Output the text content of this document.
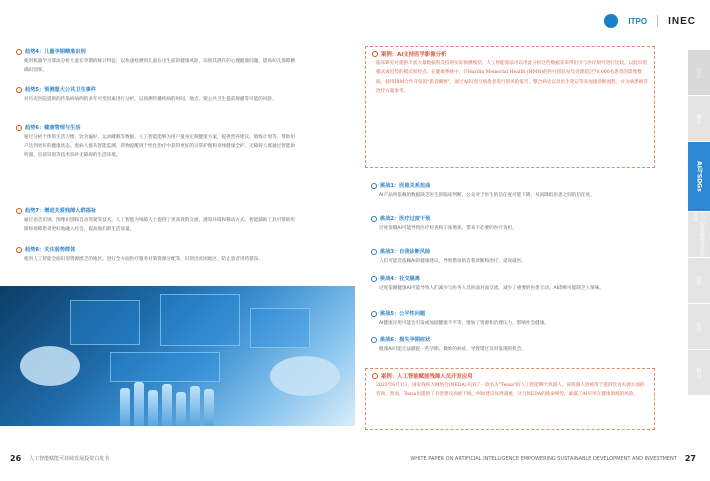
趋势4：儿童孕期精准识别
使用机器学习算法分析儿童在孕期的统计特征，以快速检测到儿童在出生前的健康风险，识别其潜在的心理健康问题，提高幼儿保障精确识别率。
趋势5：预测重大公共卫生事件
对历史医院提供的传染病病例的多年可变因素进行分析，以预测传播疾病的时间、地点，使公共卫生提前规避等可能的风险。
趋势6：健康管理与生活
通过分析个体的生活习惯、饮食偏好、运动睡眠等数据，人工智能能够为用户量身定制健康方案，提供营养建议、锻炼计划等，帮助用户达到更好的健康状态。患病人群从智能监测、药物提醒到个性化治疗中获得更好的日常护理和身体健康全护，无障碍人群通过智能助听器、盲读识别等技术弥补无障碍的生活环境。
趋势7：增进关爱残障人群福祉
通过语音识别、图像识别和自动驾驶等技术，人工智能为残障人士提供了更高效的交流、感知环境和移动方式。智能辅助工具可帮助听障和视障患者更好地融入社会，提高他们的生活质量。
趋势8：关注弱势群体
使用人工智能全面识别资源匮乏的地区，进行全方面医疗服务对策资源分配等，识别出贫困地区、防止患者用药错误。
26 人工智能赋能可持续发展投资白皮书
ITPO INEC
案例：AI支持医学影像分析
临床研究可提供丰富大量数据所支持的实际预测模型。人工智能算法可以用此分析这些数据来来得出引与医疗研究进行比较，以此识别模式或趋势的模式和特点。在健康系统中，计Hardin Memorial Health (HMH)的医疗团队每年处理超过70,000名患者的影像数据。使用IBM合作开发的"患者概要"，通过AI识别与病患者进行的风险报告，整合病史以及医生笔记等来加速诊断流程，并为病患推荐治疗方案参考。
挑战1：医患关系扭曲
AI产品所依赖的数据缺乏医生的临床判断，公众对于医生的信任度可能下降，从而降低医患之间的信任度。
挑战2：医疗过度干预
过度依赖AI可能导致医疗检查和干预增加，带来不必要的医疗负担。
挑战3：自我诊断风险
人们可能会依赖AI的健康建议，导致错误的自我诊断和治疗，延误就医。
挑战4：社交隔离
过度依赖健康AI可能导致人们减少与医务人员的面对面交流，减少了重要的医患互动。AI诊断可能缺乏人情味。
挑战5：公平性问题
AI健康应用可能会引发或加剧健康不平等，增加了资源和治理压力，影响社会健康。
挑战6：损失孕期症状
健康AI可能无法捕捉一些孕期、微妙的病症，导致错过及时发现的机会。
案例：人工智能赋能残障人员开发应用
2023年6月1日，国家残疾人网络会(NEDA)关闭了一款名为"Tessa"的人工智能聊天机器人，该机器人曾被用于提供饮食失调方面的咨询。然而，Tessa因提供了有害建议而被下线，例如建议每周减重，这与NEDA的使命相悖，暴露了AI应用在健康领域的风险。
序言
概述
AI与SDGs
人工智能赋能可持续发展
投资
展望
附录
WHITE PAPER ON ARTIFICIAL INTELLIGENCE EMPOWERING SUSTAINABLE DEVELOPMENT AND INVESTMENT 27
